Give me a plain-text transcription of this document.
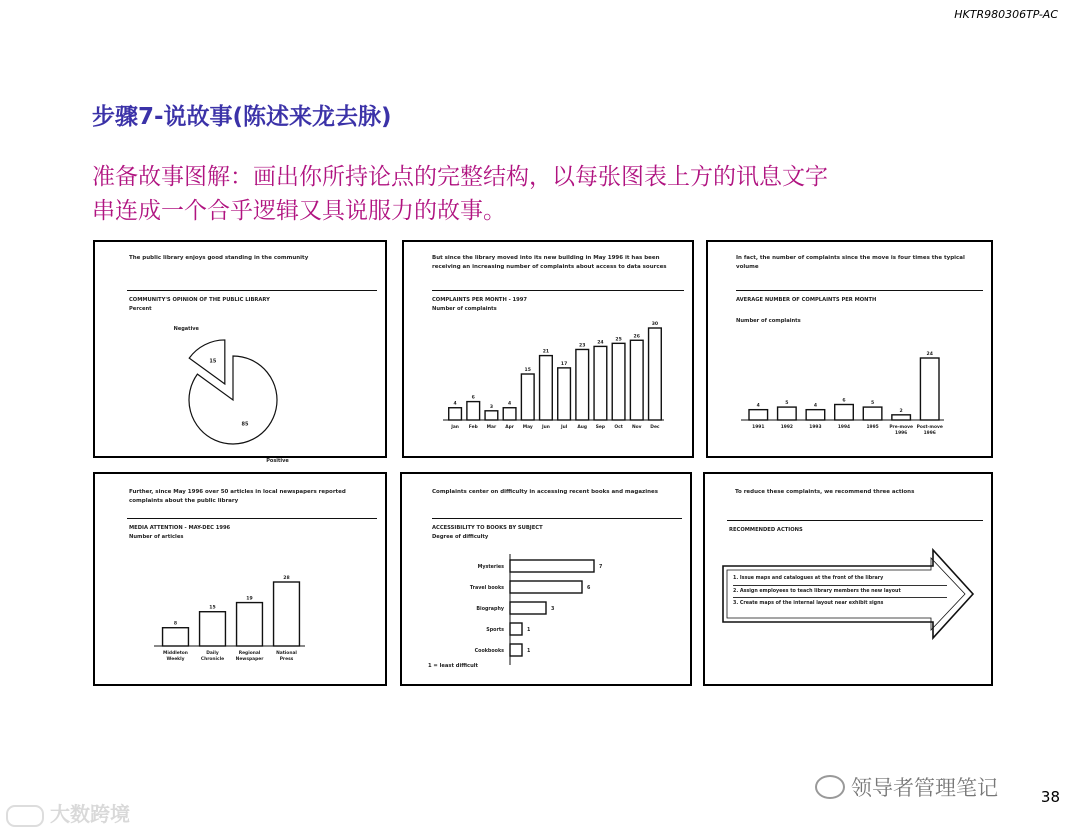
HKTR980306TP-AC
步骤7-说故事(陈述来龙去脉)
准备故事图解：画出你所持论点的完整结构，以每张图表上方的讯息文字
串连成一个合乎逻辑又具说服力的故事。
The public library enjoys good standing in the community
COMMUNITY'S OPINION OF THE PUBLIC LIBRARY
Percent
15
Negative
85
Positive
But since the library moved into its new building in May 1996 it has been receiving an increasing number of complaints about access to data sources
COMPLAINTS PER MONTH - 1997
Number of complaints
4
Jan
6
Feb
3
Mar
4
Apr
15
May
21
Jun
17
Jul
23
Aug
24
Sep
25
Oct
26
Nov
30
Dec
In fact, the number of complaints since the move is four times the typical volume
AVERAGE NUMBER OF COMPLAINTS PER MONTH
Number of complaints
4
1991
5
1992
4
1993
6
1994
5
1995
2
Pre-move
1996
24
Post-move
1996
Further, since May 1996 over 50 articles in local newspapers reported complaints about the public library
MEDIA ATTENTION - MAY-DEC 1996
Number of articles
8
Middleton
Weekly
15
Daily
Chronicle
19
Regional
Newspaper
28
National
Press
Complaints center on difficulty in accessing recent books and magazines
ACCESSIBILITY TO BOOKS BY SUBJECT
Degree of difficulty
1 = least difficult
Mysteries	7
Travel books	6
Biography	3
Sports	1
Cookbooks	1
To reduce these complaints, we recommend three actions
RECOMMENDED ACTIONS
1. Issue maps and catalogues at the front of the library
2. Assign employees to teach library members the new layout
3. Create maps of the internal layout near exhibit signs
领导者管理笔记	38
大数跨境
